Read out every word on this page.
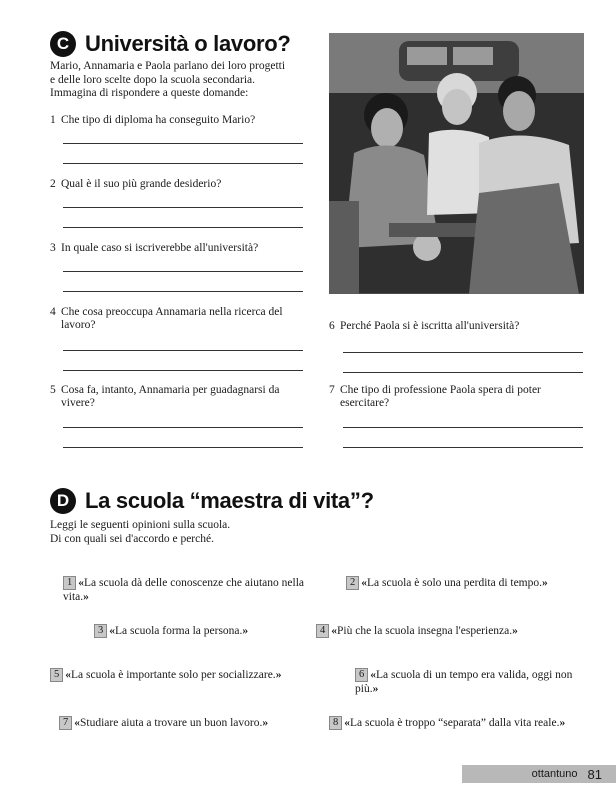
C Università o lavoro?
Mario, Annamaria e Paola parlano dei loro progetti
e delle loro scelte dopo la scuola secondaria.
Immagina di rispondere a queste domande:
1 Che tipo di diploma ha conseguito Mario?
2 Qual è il suo più grande desiderio?
3 In quale caso si iscriverebbe all'università?
4 Che cosa preoccupa Annamaria nella ricerca del lavoro?
5 Cosa fa, intanto, Annamaria per guadagnarsi da vivere?
6 Perché Paola si è iscritta all'università?
7 Che tipo di professione Paola spera di poter esercitare?
D La scuola “maestra di vita”?
Leggi le seguenti opinioni sulla scuola.
Di con quali sei d'accordo e perché.
1 «La scuola dà delle conoscenze che aiutano nella vita.»
2 «La scuola è solo una perdita di tempo.»
3 «La scuola forma la persona.»	4 «Più che la scuola insegna l'esperienza.»
5 «La scuola è importante solo per socializzare.»	6 «La scuola di un tempo era valida, oggi non più.»
7 «Studiare aiuta a trovare un buon lavoro.»	8 «La scuola è troppo “separata” dalla vita reale.»
ottantuno 81
